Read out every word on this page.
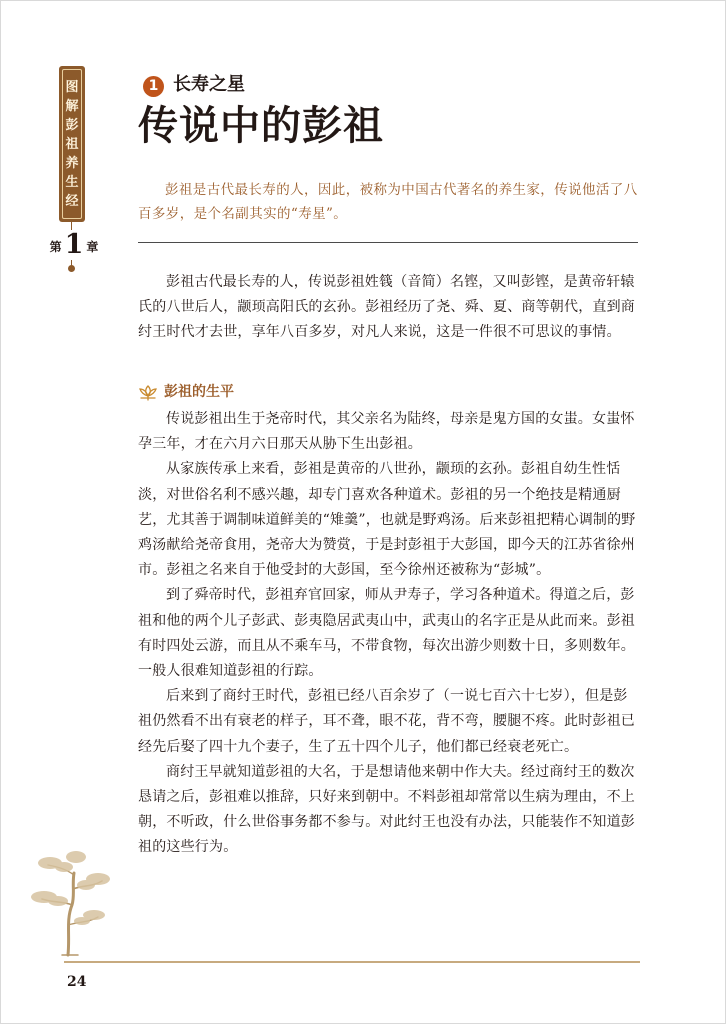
图
解
彭
祖
养
生
经
第 1 章
1 长寿之星
传说中的彭祖
彭祖是古代最长寿的人，因此，被称为中国古代著名的养生家，传说他活了八百多岁，是个名副其实的“寿星”。

彭祖古代最长寿的人，传说彭祖姓篯（音简）名铿，又叫彭铿，是黄帝轩辕氏的八世后人，颛顼高阳氏的玄孙。彭祖经历了尧、舜、夏、商等朝代，直到商纣王时代才去世，享年八百多岁，对凡人来说，这是一件很不可思议的事情。

彭祖的生平

传说彭祖出生于尧帝时代，其父亲名为陆终，母亲是鬼方国的女蚩。女蚩怀孕三年，才在六月六日那天从胁下生出彭祖。

从家族传承上来看，彭祖是黄帝的八世孙，颛顼的玄孙。彭祖自幼生性恬淡，对世俗名利不感兴趣，却专门喜欢各种道术。彭祖的另一个绝技是精通厨艺，尤其善于调制味道鲜美的“雉羹”，也就是野鸡汤。后来彭祖把精心调制的野鸡汤献给尧帝食用，尧帝大为赞赏，于是封彭祖于大彭国，即今天的江苏省徐州市。彭祖之名来自于他受封的大彭国，至今徐州还被称为“彭城”。

到了舜帝时代，彭祖弃官回家，师从尹寿子，学习各种道术。得道之后，彭祖和他的两个儿子彭武、彭夷隐居武夷山中，武夷山的名字正是从此而来。彭祖有时四处云游，而且从不乘车马，不带食物，每次出游少则数十日，多则数年。一般人很难知道彭祖的行踪。

后来到了商纣王时代，彭祖已经八百余岁了（一说七百六十七岁），但是彭祖仍然看不出有衰老的样子，耳不聋，眼不花，背不弯，腰腿不疼。此时彭祖已经先后娶了四十九个妻子，生了五十四个儿子，他们都已经衰老死亡。

商纣王早就知道彭祖的大名，于是想请他来朝中作大夫。经过商纣王的数次恳请之后，彭祖难以推辞，只好来到朝中。不料彭祖却常常以生病为理由，不上朝，不听政，什么世俗事务都不参与。对此纣王也没有办法，只能装作不知道彭祖的这些行为。

24
